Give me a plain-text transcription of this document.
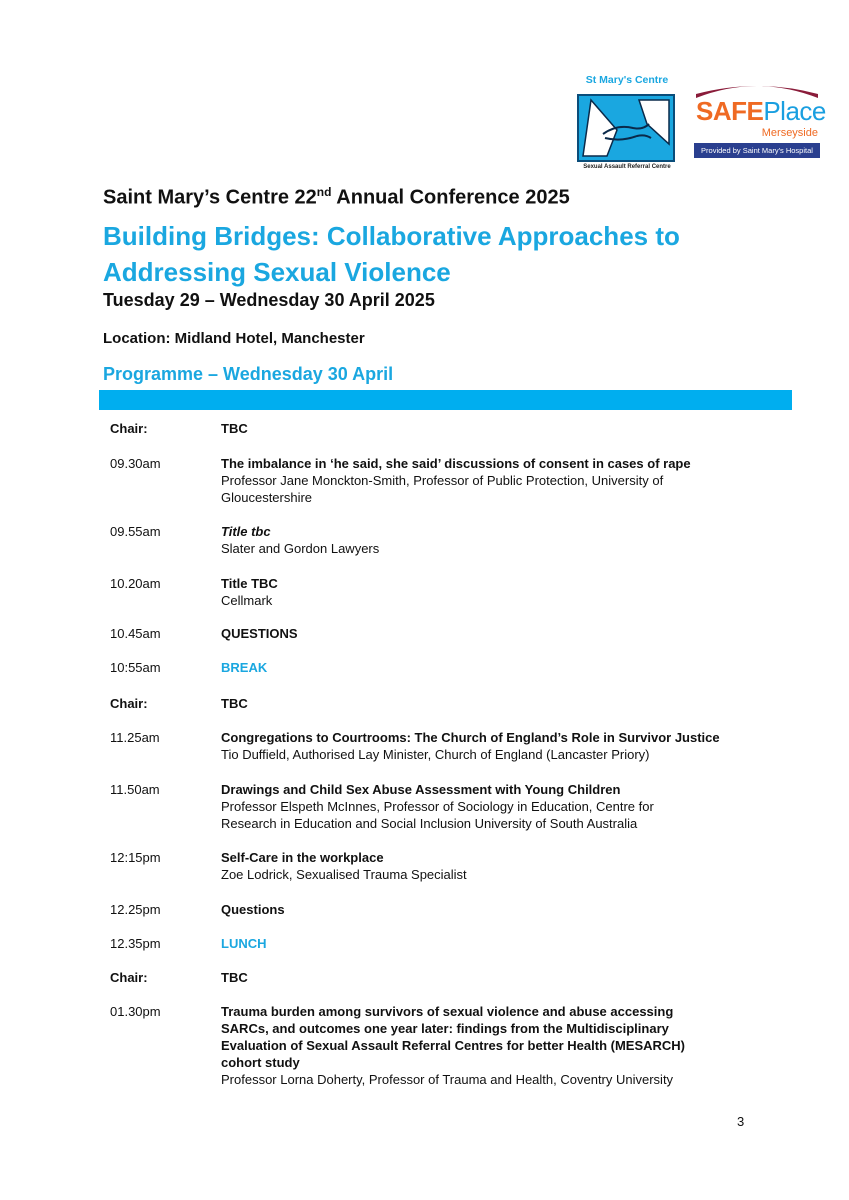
St Mary's Centre
Sexual Assault Referral Centre
SAFEPlace
Merseyside
Provided by Saint Mary's Hospital

Saint Mary’s Centre 22nd Annual Conference 2025

Building Bridges: Collaborative Approaches to Addressing Sexual Violence

Tuesday 29 – Wednesday 30 April 2025
Location: Midland Hotel, Manchester
Programme – Wednesday 30 April
Chair:	TBC
09.30am	The imbalance in ‘he said, she said’ discussions of consent in cases of rape
Professor Jane Monckton-Smith, Professor of Public Protection, University of
Gloucestershire
09.55am	Title tbc
Slater and Gordon Lawyers
10.20am	Title TBC
Cellmark
10.45am	QUESTIONS
10:55am	BREAK
Chair:	TBC
11.25am	Congregations to Courtrooms: The Church of England’s Role in Survivor Justice
Tio Duffield, Authorised Lay Minister, Church of England (Lancaster Priory)
11.50am	Drawings and Child Sex Abuse Assessment with Young Children
Professor Elspeth McInnes, Professor of Sociology in Education, Centre for
Research in Education and Social Inclusion University of South Australia
12:15pm	Self-Care in the workplace
Zoe Lodrick, Sexualised Trauma Specialist
12.25pm	Questions
12.35pm	LUNCH
Chair:	TBC
01.30pm	Trauma burden among survivors of sexual violence and abuse accessing SARCs, and outcomes one year later: findings from the Multidisciplinary Evaluation of Sexual Assault Referral Centres for better Health (MESARCH) cohort study
Professor Lorna Doherty, Professor of Trauma and Health, Coventry University
3
